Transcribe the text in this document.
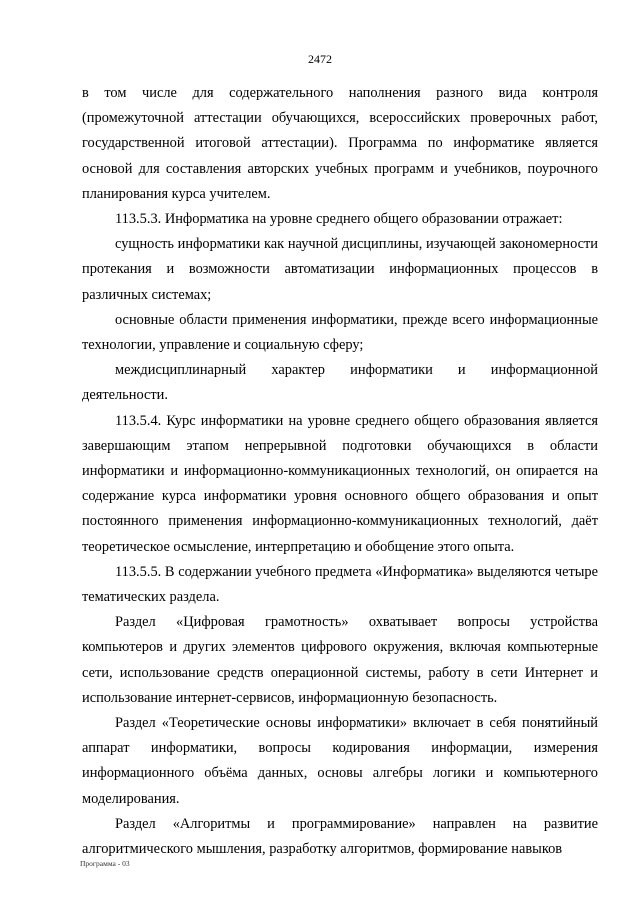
2472

в том числе для содержательного наполнения разного вида контроля (промежуточной аттестации обучающихся, всероссийских проверочных работ, государственной итоговой аттестации). Программа по информатике является основой для составления авторских учебных программ и учебников, поурочного планирования курса учителем.

113.5.3. Информатика на уровне среднего общего образовании отражает:

сущность информатики как научной дисциплины, изучающей закономерности протекания и возможности автоматизации информационных процессов в различных системах;

основные области применения информатики, прежде всего информационные технологии, управление и социальную сферу;

междисциплинарный характер информатики и информационной деятельности.

113.5.4. Курс информатики на уровне среднего общего образования является завершающим этапом непрерывной подготовки обучающихся в области информатики и информационно-коммуникационных технологий, он опирается на содержание курса информатики уровня основного общего образования и опыт постоянного применения информационно-коммуникационных технологий, даёт теоретическое осмысление, интерпретацию и обобщение этого опыта.

113.5.5. В содержании учебного предмета «Информатика» выделяются четыре тематических раздела.

Раздел «Цифровая грамотность» охватывает вопросы устройства компьютеров и других элементов цифрового окружения, включая компьютерные сети, использование средств операционной системы, работу в сети Интернет и использование интернет-сервисов, информационную безопасность.

Раздел «Теоретические основы информатики» включает в себя понятийный аппарат информатики, вопросы кодирования информации, измерения информационного объёма данных, основы алгебры логики и компьютерного моделирования.

Раздел «Алгоритмы и программирование» направлен на развитие алгоритмического мышления, разработку алгоритмов, формирование навыков

Программа - 03
